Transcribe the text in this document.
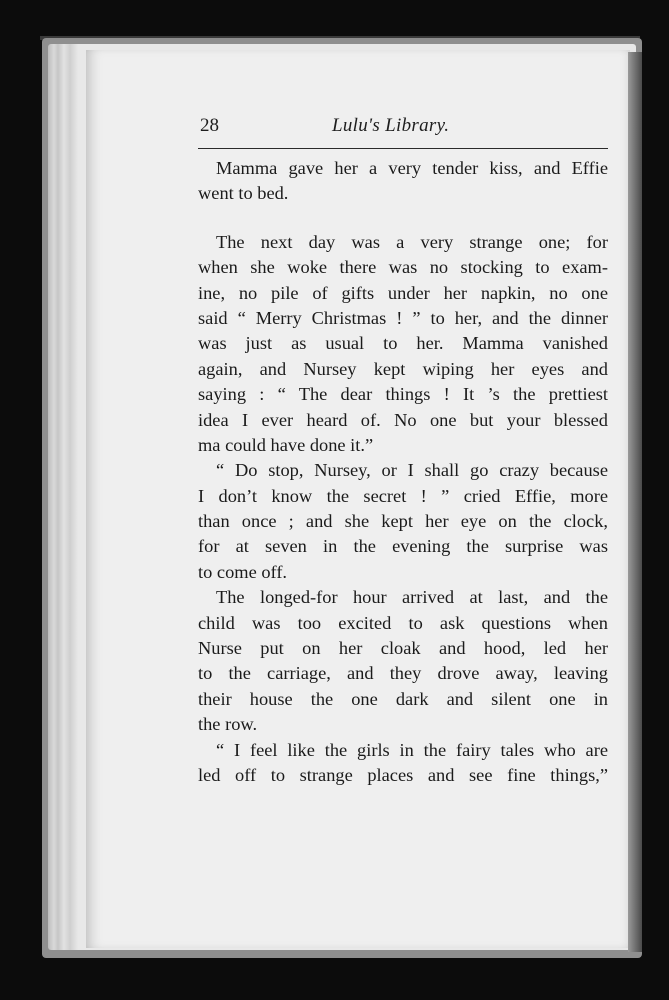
28	Lulu's Library.
Mamma gave her a very tender kiss, and Effie
went to bed.
The next day was a very strange one; for
when she woke there was no stocking to exam-
ine, no pile of gifts under her napkin, no one
said “ Merry Christmas ! ” to her, and the dinner
was just as usual to her. Mamma vanished
again, and Nursey kept wiping her eyes and
saying : “ The dear things ! It ’s the prettiest
idea I ever heard of. No one but your blessed
ma could have done it.”
“ Do stop, Nursey, or I shall go crazy because
I don’t know the secret ! ” cried Effie, more
than once ; and she kept her eye on the clock,
for at seven in the evening the surprise was
to come off.
The longed-for hour arrived at last, and the
child was too excited to ask questions when
Nurse put on her cloak and hood, led her
to the carriage, and they drove away, leaving
their house the one dark and silent one in
the row.
“ I feel like the girls in the fairy tales who are
led off to strange places and see fine things,”
